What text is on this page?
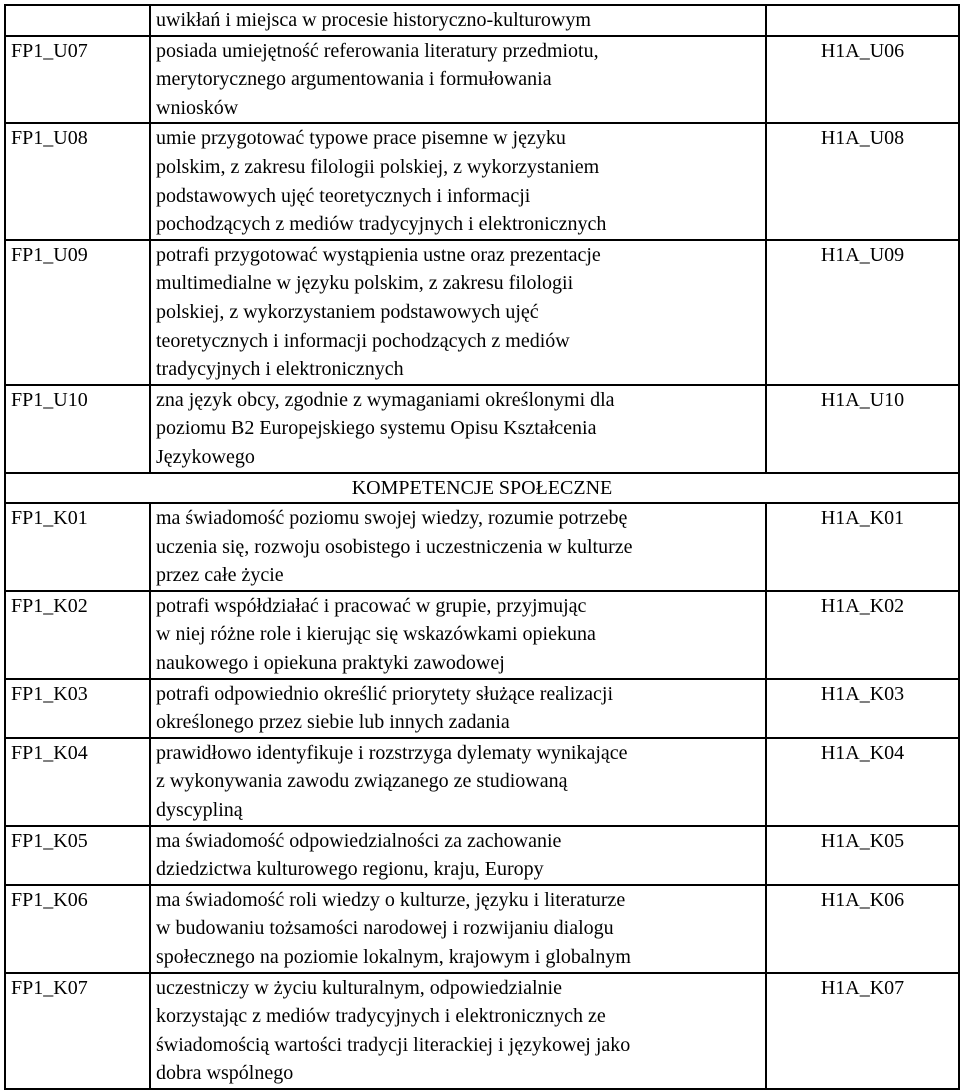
	uwikłań i miejsca w procesie historyczno-kulturowym	

FP1_U07	posiada umiejętność referowania literatury przedmiotu,
merytorycznego argumentowania i formułowania
wniosków	H1A_U06
FP1_U08	umie przygotować typowe prace pisemne w języku
polskim, z zakresu filologii polskiej, z wykorzystaniem
podstawowych ujęć teoretycznych i informacji
pochodzących z mediów tradycyjnych i elektronicznych	H1A_U08
FP1_U09	potrafi przygotować wystąpienia ustne oraz prezentacje
multimedialne w języku polskim, z zakresu filologii
polskiej, z wykorzystaniem podstawowych ujęć
teoretycznych i informacji pochodzących z mediów
tradycyjnych i elektronicznych	H1A_U09
FP1_U10	zna język obcy, zgodnie z wymaganiami określonymi dla
poziomu B2 Europejskiego systemu Opisu Kształcenia
Językowego	H1A_U10

KOMPETENCJE SPOŁECZNE		

FP1_K01	ma świadomość poziomu swojej wiedzy, rozumie potrzebę
uczenia się, rozwoju osobistego i uczestniczenia w kulturze
przez całe życie	H1A_K01
FP1_K02	potrafi współdziałać i pracować w grupie, przyjmując
w niej różne role i kierując się wskazówkami opiekuna
naukowego i opiekuna praktyki zawodowej	H1A_K02
FP1_K03	potrafi odpowiednio określić priorytety służące realizacji
określonego przez siebie lub innych zadania	H1A_K03
FP1_K04	prawidłowo identyfikuje i rozstrzyga dylematy wynikające
z wykonywania zawodu związanego ze studiowaną
dyscypliną	H1A_K04
FP1_K05	ma świadomość odpowiedzialności za zachowanie
dziedzictwa kulturowego regionu, kraju, Europy	H1A_K05
FP1_K06	ma świadomość roli wiedzy o kulturze, języku i literaturze
w budowaniu tożsamości narodowej i rozwijaniu dialogu
społecznego na poziomie lokalnym, krajowym i globalnym	H1A_K06
FP1_K07	uczestniczy w życiu kulturalnym, odpowiedzialnie
korzystając z mediów tradycyjnych i elektronicznych ze
świadomością wartości tradycji literackiej i językowej jako
dobra wspólnego	H1A_K07
